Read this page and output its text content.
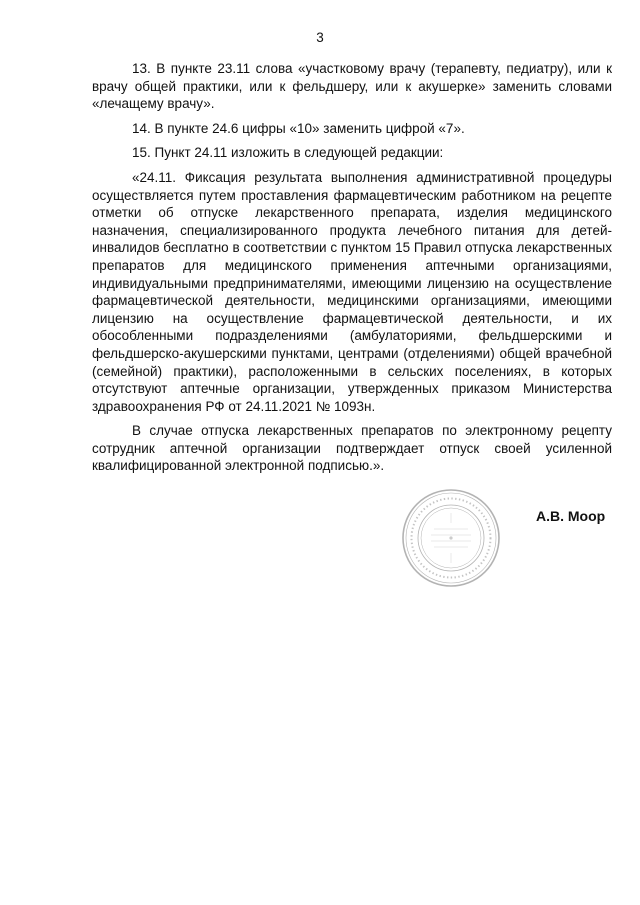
3

13. В пункте 23.11 слова «участковому врачу (терапевту, педиатру), или к врачу общей практики, или к фельдшеру, или к акушерке» заменить словами «лечащему врачу».

14. В пункте 24.6 цифры «10» заменить цифрой «7».

15. Пункт 24.11 изложить в следующей редакции:

«24.11. Фиксация результата выполнения административной процедуры осуществляется путем проставления фармацевтическим работником на рецепте отметки об отпуске лекарственного препарата, изделия медицинского назначения, специализированного продукта лечебного питания для детей-инвалидов бесплатно в соответствии с пунктом 15 Правил отпуска лекарственных препаратов для медицинского применения аптечными организациями, индивидуальными предпринимателями, имеющими лицензию на осуществление фармацевтической деятельности, медицинскими организациями, имеющими лицензию на осуществление фармацевтической деятельности, и их обособленными подразделениями (амбулаториями, фельдшерскими и фельдшерско-акушерскими пунктами, центрами (отделениями) общей врачебной (семейной) практики), расположенными в сельских поселениях, в которых отсутствуют аптечные организации, утвержденных приказом Министерства здравоохранения РФ от 24.11.2021 № 1093н.

В случае отпуска лекарственных препаратов по электронному рецепту сотрудник аптечной организации подтверждает отпуск своей усиленной квалифицированной электронной подписью.».

А.В. Моор
